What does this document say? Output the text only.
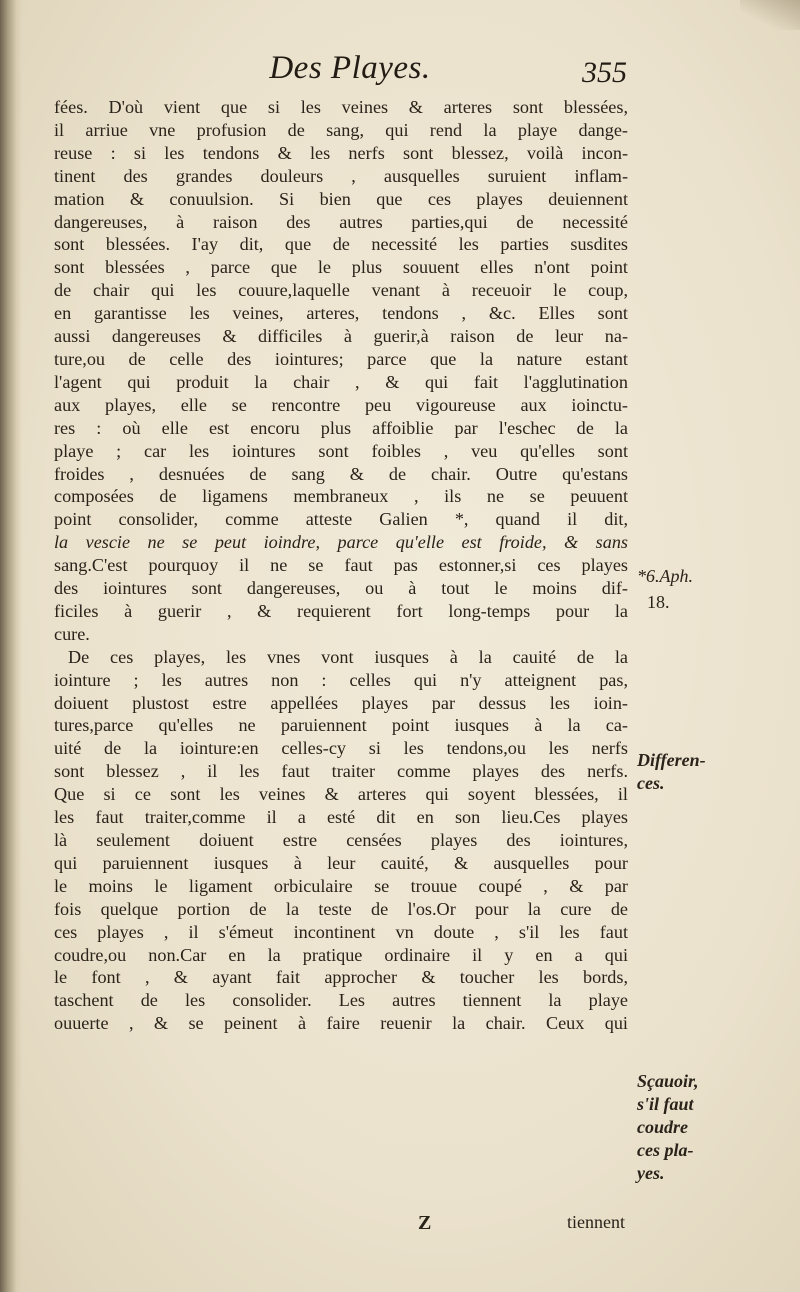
Des Playes.	355
fées. D'où vient que si les veines & arteres sont blessées,
il arriue vne profusion de sang, qui rend la playe dange-
reuse : si les tendons & les nerfs sont blessez, voilà incon-
tinent des grandes douleurs , ausquelles suruient inflam-
mation & conuulsion. Si bien que ces playes deuiennent
dangereuses, à raison des autres parties,qui de necessité
sont blessées. I'ay dit, que de necessité les parties susdites
sont blessées , parce que le plus souuent elles n'ont point
de chair qui les couure,laquelle venant à receuoir le coup,
en garantisse les veines, arteres, tendons , &c. Elles sont
aussi dangereuses & difficiles à guerir,à raison de leur na-
ture,ou de celle des iointures; parce que la nature estant
l'agent qui produit la chair , & qui fait l'agglutination
aux playes, elle se rencontre peu vigoureuse aux ioinctu-
res : où elle est encoru plus affoiblie par l'eschec de la
playe ; car les iointures sont foibles , veu qu'elles sont
froides , desnuées de sang & de chair. Outre qu'estans
composées de ligamens membraneux , ils ne se peuuent
point consolider, comme atteste Galien *, quand il dit,
la vescie ne se peut ioindre, parce qu'elle est froide, & sans
sang.C'est pourquoy il ne se faut pas estonner,si ces playes
des iointures sont dangereuses, ou à tout le moins dif-
ficiles à guerir , & requierent fort long-temps pour la
cure.
De ces playes, les vnes vont iusques à la cauité de la
iointure ; les autres non : celles qui n'y atteignent pas,
doiuent plustost estre appellées playes par dessus les ioin-
tures,parce qu'elles ne paruiennent point iusques à la ca-
uité de la iointure:en celles-cy si les tendons,ou les nerfs
sont blessez , il les faut traiter comme playes des nerfs.
Que si ce sont les veines & arteres qui soyent blessées, il
les faut traiter,comme il a esté dit en son lieu.Ces playes
là seulement doiuent estre censées playes des iointures,
qui paruiennent iusques à leur cauité, & ausquelles pour
le moins le ligament orbiculaire se trouue coupé , & par
fois quelque portion de la teste de l'os.Or pour la cure de
ces playes , il s'émeut incontinent vn doute , s'il les faut
coudre,ou non.Car en la pratique ordinaire il y en a qui
le font , & ayant fait approcher & toucher les bords,
taschent de les consolider. Les autres tiennent la playe
ouuerte , & se peinent à faire reuenir la chair. Ceux qui
*6.Aph.
18.
Differen-
ces.
Sçauoir,
s'il faut
coudre
ces pla-
yes.
Z	tiennent
